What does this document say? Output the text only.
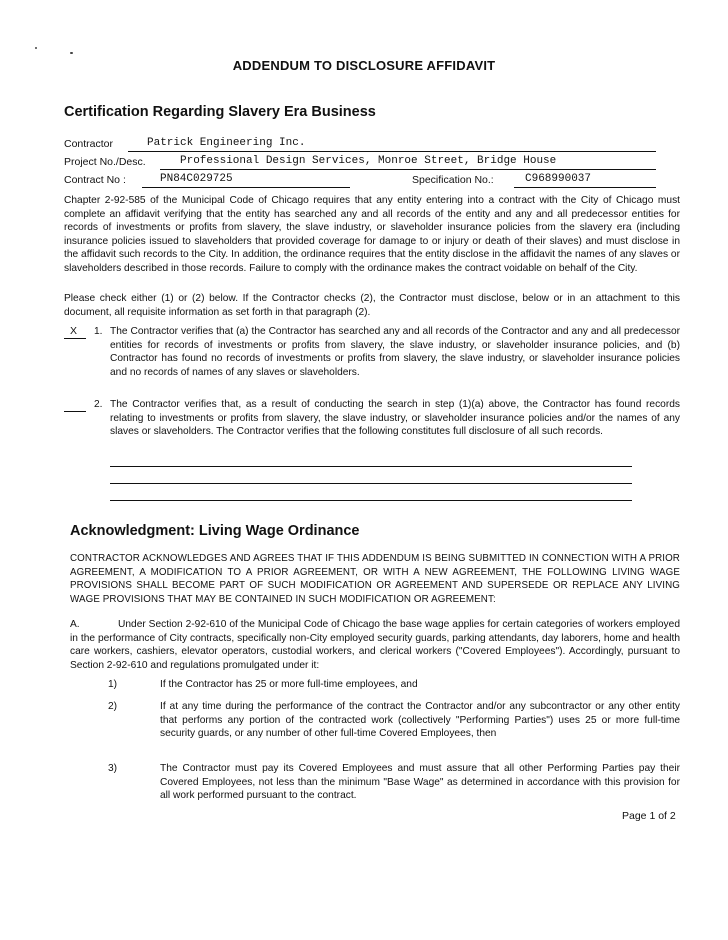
ADDENDUM TO DISCLOSURE AFFIDAVIT
Certification Regarding Slavery Era Business
Contractor	Patrick Engineering Inc.
Project No./Desc.	Professional Design Services, Monroe Street, Bridge House
Contract No :	PN84C029725	Specification No.:	C968990037
Chapter 2-92-585 of the Municipal Code of Chicago requires that any entity entering into a contract with the City of Chicago must complete an affidavit verifying that the entity has searched any and all records of the entity and any and all predecessor entities for records of investments or profits from slavery, the slave industry, or slaveholder insurance policies from the slavery era (including insurance policies issued to slaveholders that provided coverage for damage to or injury or death of their slaves) and must disclose in the affidavit such records to the City. In addition, the ordinance requires that the entity disclose in the affidavit the names of any slaves or slaveholders described in those records. Failure to comply with the ordinance makes the contract voidable on behalf of the City.
Please check either (1) or (2) below. If the Contractor checks (2), the Contractor must disclose, below or in an attachment to this document, all requisite information as set forth in that paragraph (2).
X 1. The Contractor verifies that (a) the Contractor has searched any and all records of the Contractor and any and all predecessor entities for records of investments or profits from slavery, the slave industry, or slaveholder insurance policies, and (b) Contractor has found no records of investments or profits from slavery, the slave industry, or slaveholder insurance policies and no records of names of any slaves or slaveholders.
2. The Contractor verifies that, as a result of conducting the search in step (1)(a) above, the Contractor has found records relating to investments or profits from slavery, the slave industry, or slaveholder insurance policies and/or the names of any slaves or slaveholders. The Contractor verifies that the following constitutes full disclosure of all such records.
Acknowledgment: Living Wage Ordinance
CONTRACTOR ACKNOWLEDGES AND AGREES THAT IF THIS ADDENDUM IS BEING SUBMITTED IN CONNECTION WITH A PRIOR AGREEMENT, A MODIFICATION TO A PRIOR AGREEMENT, OR WITH A NEW AGREEMENT, THE FOLLOWING LIVING WAGE PROVISIONS SHALL BECOME PART OF SUCH MODIFICATION OR AGREEMENT AND SUPERSEDE OR REPLACE ANY LIVING WAGE PROVISIONS THAT MAY BE CONTAINED IN SUCH MODIFICATION OR AGREEMENT:
A.	Under Section 2-92-610 of the Municipal Code of Chicago the base wage applies for certain categories of workers employed in the performance of City contracts, specifically non-City employed security guards, parking attendants, day laborers, home and health care workers, cashiers, elevator operators, custodial workers, and clerical workers ("Covered Employees"). Accordingly, pursuant to Section 2-92-610 and regulations promulgated under it:
1)	If the Contractor has 25 or more full-time employees, and
2)	If at any time during the performance of the contract the Contractor and/or any subcontractor or any other entity that performs any portion of the contracted work (collectively "Performing Parties") uses 25 or more full-time security guards, or any number of other full-time Covered Employees, then
3)	The Contractor must pay its Covered Employees and must assure that all other Performing Parties pay their Covered Employees, not less than the minimum "Base Wage" as determined in accordance with this provision for all work performed pursuant to the contract.
Page 1 of 2
